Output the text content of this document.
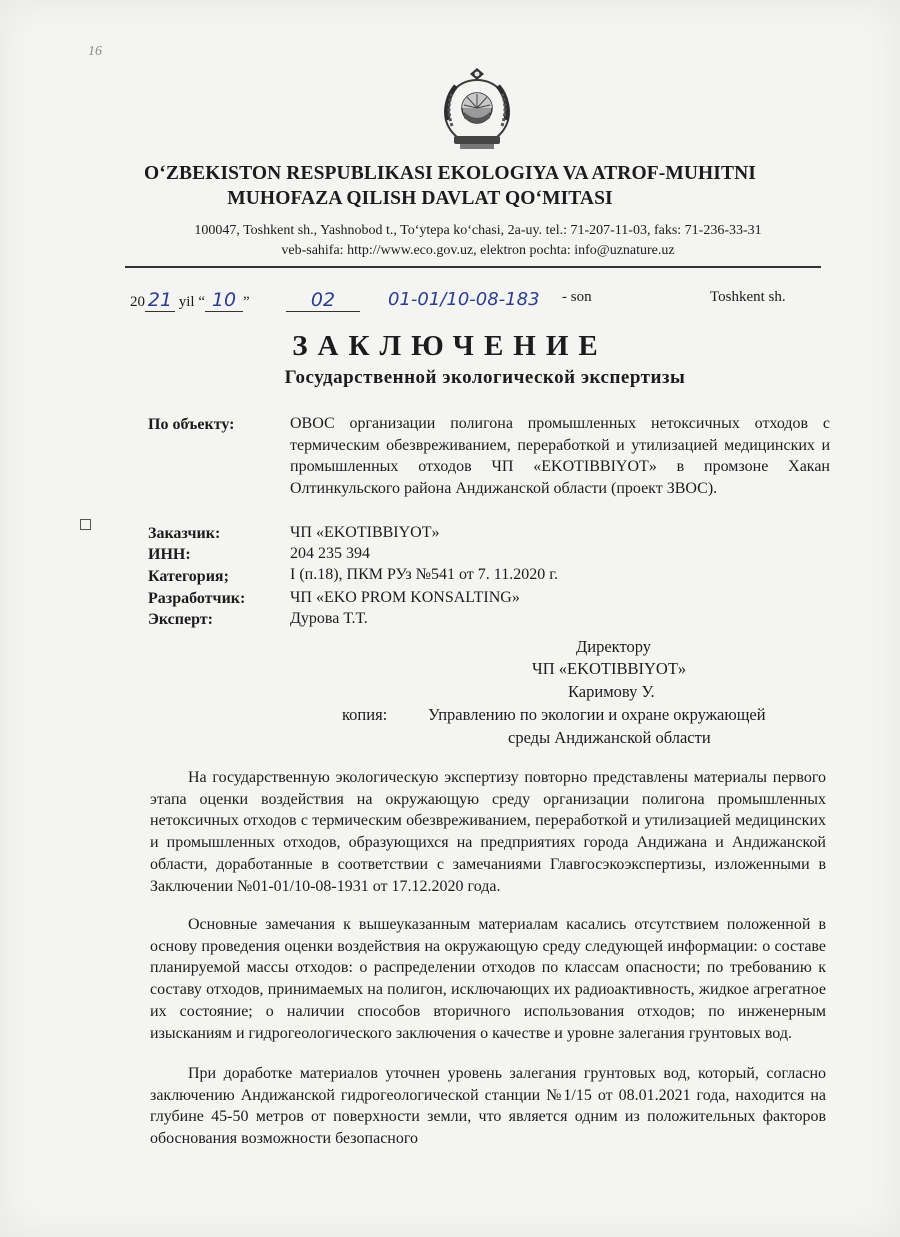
16
O‘ZBEKISTON RESPUBLIKASI EKOLOGIYA VA ATROF-MUHITNI
MUHOFAZA QILISH DAVLAT QO‘MITASI
100047, Toshkent sh., Yashnobod t., To‘ytepa ko‘chasi, 2a-uy. tel.: 71-207-11-03, faks: 71-236-33-31
veb-sahifa: http://www.eco.gov.uz, elektron pochta: info@uznature.uz
20 21 yil “ 10 ”	02	01-01/10-08-183 - son	Toshkent sh.
ЗАКЛЮЧЕНИЕ
Государственной экологической экспертизы
По объекту:	ОВОС организации полигона промышленных нетоксичных отходов с термическим обезвреживанием, переработкой и утилизацией медицинских и промышленных отходов ЧП «EKOTIBBIYOT» в промзоне Хакан Олтинкульского района Андижанской области (проект ЗВОС).
Заказчик:	ЧП «EKOTIBBIYOT»
ИНН:	204 235 394
Категория;	I (п.18), ПКМ РУз №541 от 7. 11.2020 г.
Разработчик:	ЧП «EKO PROM KONSALTING»
Эксперт:	Дурова Т.Т.
Директору
ЧП «EKOTIBBIYOT»
Каримову У.
копия: Управлению по экологии и охране окружающей
среды Андижанской области
На государственную экологическую экспертизу повторно представлены материалы первого этапа оценки воздействия на окружающую среду организации полигона промышленных нетоксичных отходов с термическим обезвреживанием, переработкой и утилизацией медицинских и промышленных отходов, образующихся на предприятиях города Андижана и Андижанской области, доработанные в соответствии с замечаниями Главгосэкоэкспертизы, изложенными в Заключении №01-01/10-08-1931 от 17.12.2020 года.
Основные замечания к вышеуказанным материалам касались отсутствием положенной в основу проведения оценки воздействия на окружающую среду следующей информации: о составе планируемой массы отходов: о распределении отходов по классам опасности; по требованию к составу отходов, принимаемых на полигон, исключающих их радиоактивность, жидкое агрегатное их состояние; о наличии способов вторичного использования отходов; по инженерным изысканиям и гидрогеологического заключения о качестве и уровне залегания грунтовых вод.
При доработке материалов уточнен уровень залегания грунтовых вод, который, согласно заключению Андижанской гидрогеологической станции №1/15 от 08.01.2021 года, находится на глубине 45-50 метров от поверхности земли, что является одним из положительных факторов обоснования возможности безопасного
